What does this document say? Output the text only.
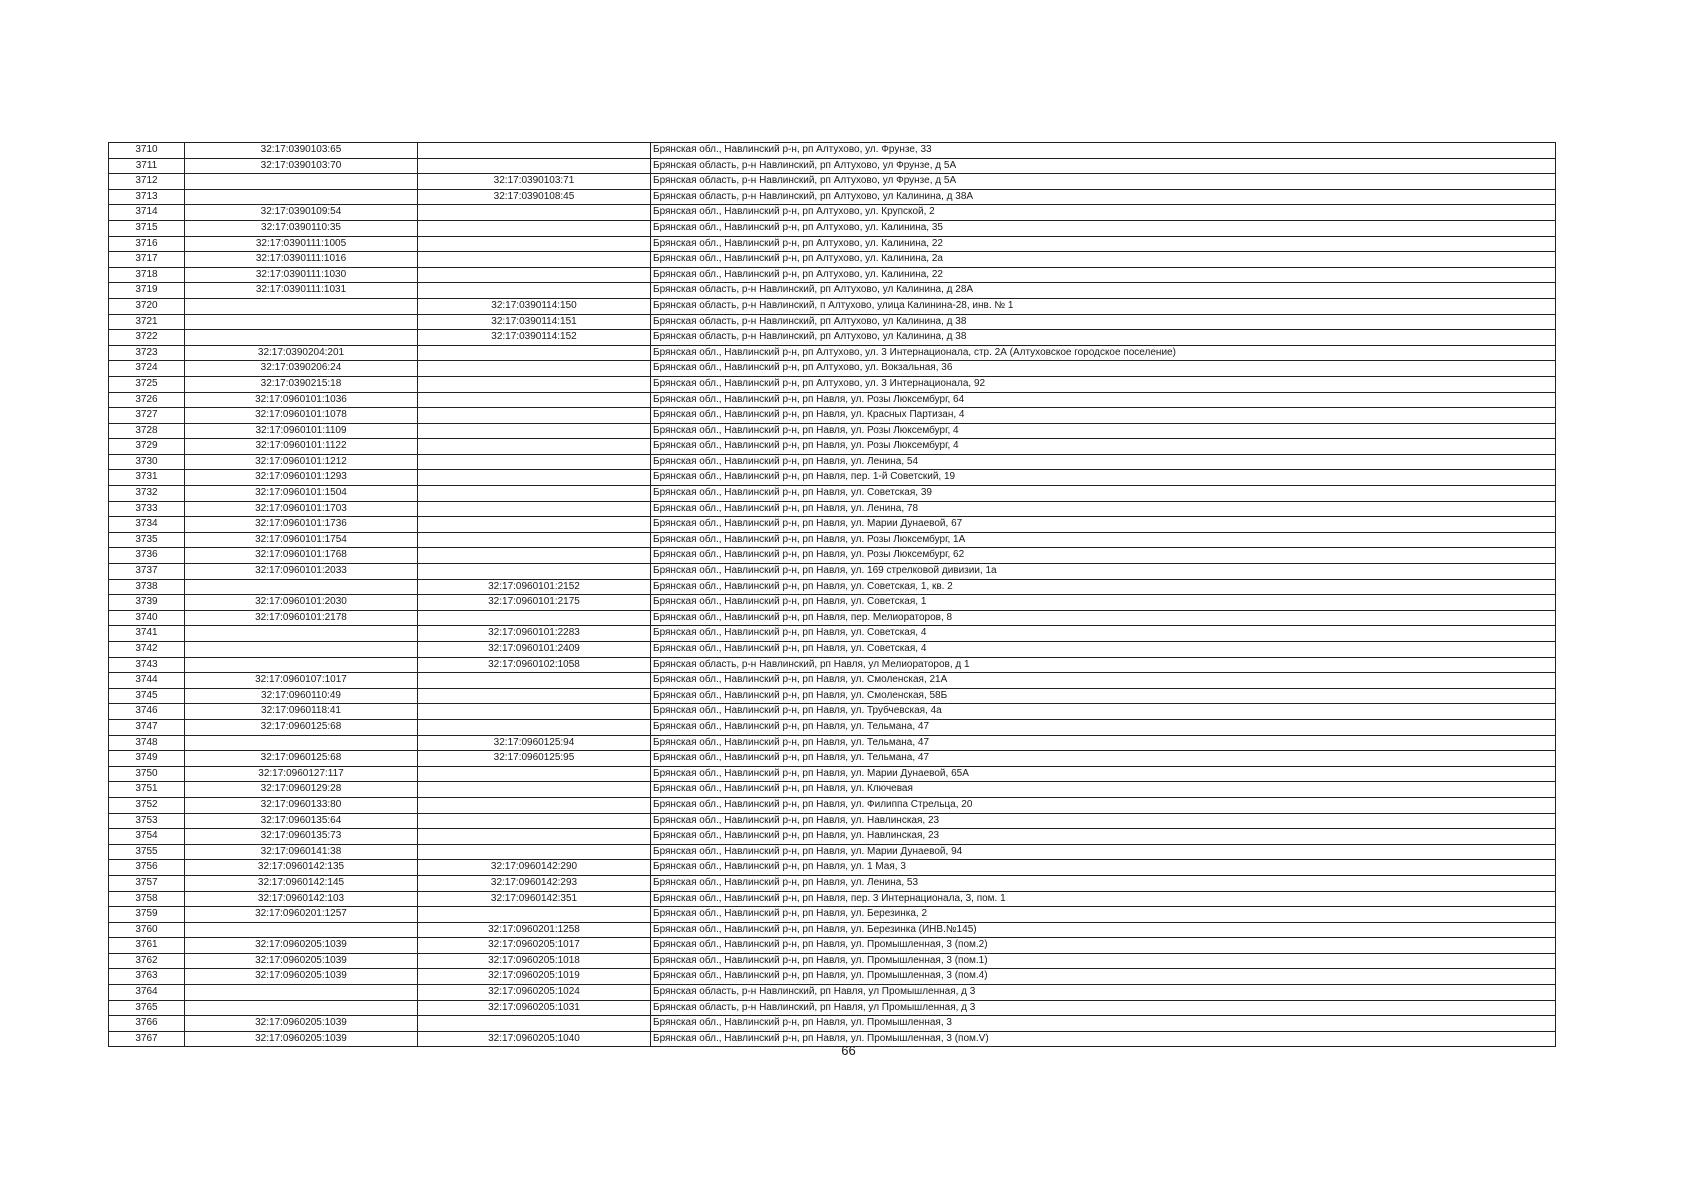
3710	32:17:0390103:65		Брянская обл., Навлинский р-н, рп Алтухово, ул. Фрунзе, 33
3711	32:17:0390103:70		Брянская область, р-н Навлинский, рп Алтухово, ул Фрунзе, д 5А
3712		32:17:0390103:71	Брянская область, р-н Навлинский, рп Алтухово, ул Фрунзе, д 5А
3713		32:17:0390108:45	Брянская область, р-н Навлинский, рп Алтухово, ул Калинина, д 38А
3714	32:17:0390109:54		Брянская обл., Навлинский р-н, рп Алтухово, ул. Крупской, 2
3715	32:17:0390110:35		Брянская обл., Навлинский р-н, рп Алтухово, ул. Калинина, 35
3716	32:17:0390111:1005		Брянская обл., Навлинский р-н, рп Алтухово, ул. Калинина, 22
3717	32:17:0390111:1016		Брянская обл., Навлинский р-н, рп Алтухово, ул. Калинина, 2а
3718	32:17:0390111:1030		Брянская обл., Навлинский р-н, рп Алтухово, ул. Калинина, 22
3719	32:17:0390111:1031		Брянская область, р-н Навлинский, рп Алтухово, ул Калинина, д 28А
3720		32:17:0390114:150	Брянская область, р-н Навлинский, п Алтухово, улица Калинина-28, инв. № 1
3721		32:17:0390114:151	Брянская область, р-н Навлинский, рп Алтухово, ул Калинина, д 38
3722		32:17:0390114:152	Брянская область, р-н Навлинский, рп Алтухово, ул Калинина, д 38
3723	32:17:0390204:201		Брянская обл., Навлинский р-н, рп Алтухово, ул. 3 Интернационала, стр. 2А (Алтуховское городское поселение)
3724	32:17:0390206:24		Брянская обл., Навлинский р-н, рп Алтухово, ул. Вокзальная, 36
3725	32:17:0390215:18		Брянская обл., Навлинский р-н, рп Алтухово, ул. 3 Интернационала, 92
3726	32:17:0960101:1036		Брянская обл., Навлинский р-н, рп Навля, ул. Розы Люксембург, 64
3727	32:17:0960101:1078		Брянская обл., Навлинский р-н, рп Навля, ул. Красных Партизан, 4
3728	32:17:0960101:1109		Брянская обл., Навлинский р-н, рп Навля, ул. Розы Люксембург, 4
3729	32:17:0960101:1122		Брянская обл., Навлинский р-н, рп Навля, ул. Розы Люксембург, 4
3730	32:17:0960101:1212		Брянская обл., Навлинский р-н, рп Навля, ул. Ленина, 54
3731	32:17:0960101:1293		Брянская обл., Навлинский р-н, рп Навля, пер. 1-й Советский, 19
3732	32:17:0960101:1504		Брянская обл., Навлинский р-н, рп Навля, ул. Советская, 39
3733	32:17:0960101:1703		Брянская обл., Навлинский р-н, рп Навля, ул. Ленина, 78
3734	32:17:0960101:1736		Брянская обл., Навлинский р-н, рп Навля, ул. Марии Дунаевой, 67
3735	32:17:0960101:1754		Брянская обл., Навлинский р-н, рп Навля, ул. Розы Люксембург, 1А
3736	32:17:0960101:1768		Брянская обл., Навлинский р-н, рп Навля, ул. Розы Люксембург, 62
3737	32:17:0960101:2033		Брянская обл., Навлинский р-н, рп Навля, ул. 169 стрелковой дивизии, 1а
3738		32:17:0960101:2152	Брянская обл., Навлинский р-н, рп Навля, ул. Советская, 1, кв. 2
3739	32:17:0960101:2030	32:17:0960101:2175	Брянская обл., Навлинский р-н, рп Навля, ул. Советская, 1
3740	32:17:0960101:2178		Брянская обл., Навлинский р-н, рп Навля, пер. Мелиораторов, 8
3741		32:17:0960101:2283	Брянская обл., Навлинский р-н, рп Навля, ул. Советская, 4
3742		32:17:0960101:2409	Брянская обл., Навлинский р-н, рп Навля, ул. Советская, 4
3743		32:17:0960102:1058	Брянская область, р-н Навлинский, рп Навля, ул Мелиораторов, д 1
3744	32:17:0960107:1017		Брянская обл., Навлинский р-н, рп Навля, ул. Смоленская, 21А
3745	32:17:0960110:49		Брянская обл., Навлинский р-н, рп Навля, ул. Смоленская, 58Б
3746	32:17:0960118:41		Брянская обл., Навлинский р-н, рп Навля, ул. Трубчевская, 4а
3747	32:17:0960125:68		Брянская обл., Навлинский р-н, рп Навля, ул. Тельмана, 47
3748		32:17:0960125:94	Брянская обл., Навлинский р-н, рп Навля, ул. Тельмана, 47
3749	32:17:0960125:68	32:17:0960125:95	Брянская обл., Навлинский р-н, рп Навля, ул. Тельмана, 47
3750	32:17:0960127:117		Брянская обл., Навлинский р-н, рп Навля, ул. Марии Дунаевой, 65А
3751	32:17:0960129:28		Брянская обл., Навлинский р-н, рп Навля, ул. Ключевая
3752	32:17:0960133:80		Брянская обл., Навлинский р-н, рп Навля, ул. Филиппа Стрельца, 20
3753	32:17:0960135:64		Брянская обл., Навлинский р-н, рп Навля, ул. Навлинская, 23
3754	32:17:0960135:73		Брянская обл., Навлинский р-н, рп Навля, ул. Навлинская, 23
3755	32:17:0960141:38		Брянская обл., Навлинский р-н, рп Навля, ул. Марии Дунаевой, 94
3756	32:17:0960142:135	32:17:0960142:290	Брянская обл., Навлинский р-н, рп Навля, ул. 1 Мая, 3
3757	32:17:0960142:145	32:17:0960142:293	Брянская обл., Навлинский р-н, рп Навля, ул. Ленина, 53
3758	32:17:0960142:103	32:17:0960142:351	Брянская обл., Навлинский р-н, рп Навля, пер. 3 Интернационала, 3, пом. 1
3759	32:17:0960201:1257		Брянская обл., Навлинский р-н, рп Навля, ул. Березинка, 2
3760		32:17:0960201:1258	Брянская обл., Навлинский р-н, рп Навля, ул. Березинка (ИНВ.№145)
3761	32:17:0960205:1039	32:17:0960205:1017	Брянская обл., Навлинский р-н, рп Навля, ул. Промышленная, 3 (пом.2)
3762	32:17:0960205:1039	32:17:0960205:1018	Брянская обл., Навлинский р-н, рп Навля, ул. Промышленная, 3 (пом.1)
3763	32:17:0960205:1039	32:17:0960205:1019	Брянская обл., Навлинский р-н, рп Навля, ул. Промышленная, 3 (пом.4)
3764		32:17:0960205:1024	Брянская область, р-н Навлинский, рп Навля, ул Промышленная, д 3
3765		32:17:0960205:1031	Брянская область, р-н Навлинский, рп Навля, ул Промышленная, д 3
3766	32:17:0960205:1039		Брянская обл., Навлинский р-н, рп Навля, ул. Промышленная, 3
3767	32:17:0960205:1039	32:17:0960205:1040	Брянская обл., Навлинский р-н, рп Навля, ул. Промышленная, 3 (пом.V)
66
